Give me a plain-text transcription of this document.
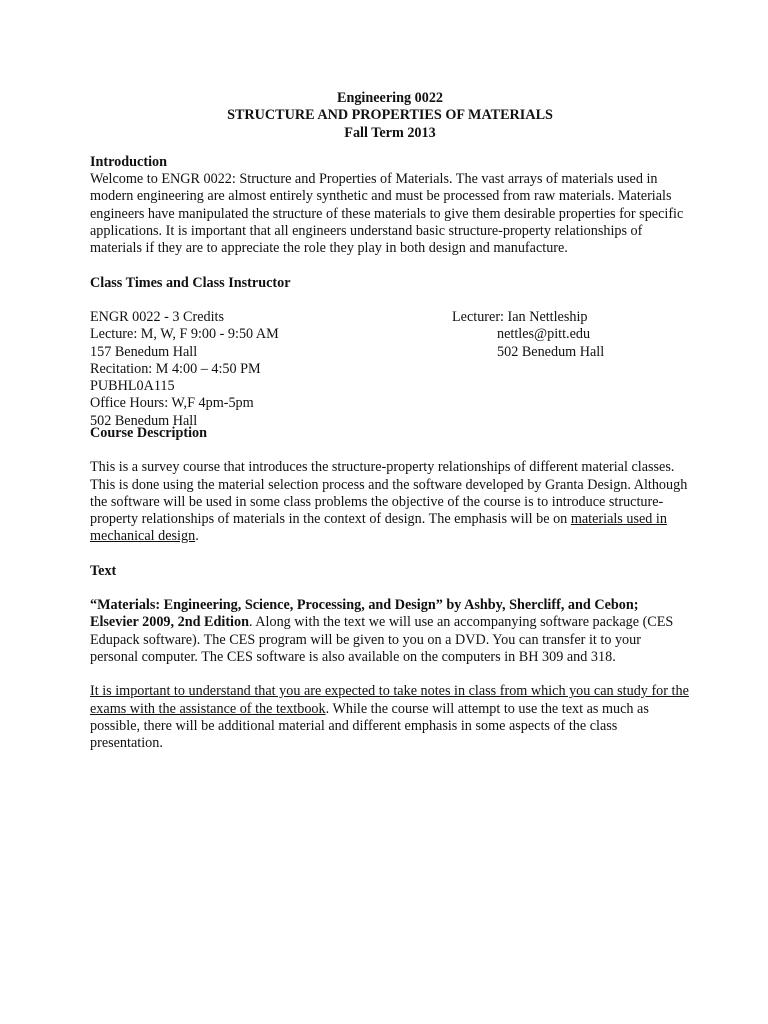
Engineering 0022
STRUCTURE AND PROPERTIES OF MATERIALS
Fall Term 2013
Introduction

Welcome to ENGR 0022: Structure and Properties of Materials. The vast arrays of materials used in modern engineering are almost entirely synthetic and must be processed from raw materials. Materials engineers have manipulated the structure of these materials to give them desirable properties for specific applications. It is important that all engineers understand basic structure-property relationships of materials if they are to appreciate the role they play in both design and manufacture.

Class Times and Class Instructor
ENGR 0022 - 3 Credits
Lecture: M, W, F 9:00 - 9:50 AM
157 Benedum Hall
Recitation: M 4:00 – 4:50 PM
PUBHL0A115
Office Hours: W,F 4pm-5pm
502 Benedum Hall
Lecturer: Ian Nettleship
nettles@pitt.edu
502 Benedum Hall
Course Description

This is a survey course that introduces the structure-property relationships of different material classes. This is done using the material selection process and the software developed by Granta Design. Although the software will be used in some class problems the objective of the course is to introduce structure-property relationships of materials in the context of design. The emphasis will be on materials used in mechanical design.

Text

“Materials: Engineering, Science, Processing, and Design” by Ashby, Shercliff, and Cebon; Elsevier 2009, 2nd Edition. Along with the text we will use an accompanying software package (CES Edupack software). The CES program will be given to you on a DVD. You can transfer it to your personal computer. The CES software is also available on the computers in BH 309 and 318.

It is important to understand that you are expected to take notes in class from which you can study for the exams with the assistance of the textbook. While the course will attempt to use the text as much as possible, there will be additional material and different emphasis in some aspects of the class presentation.
